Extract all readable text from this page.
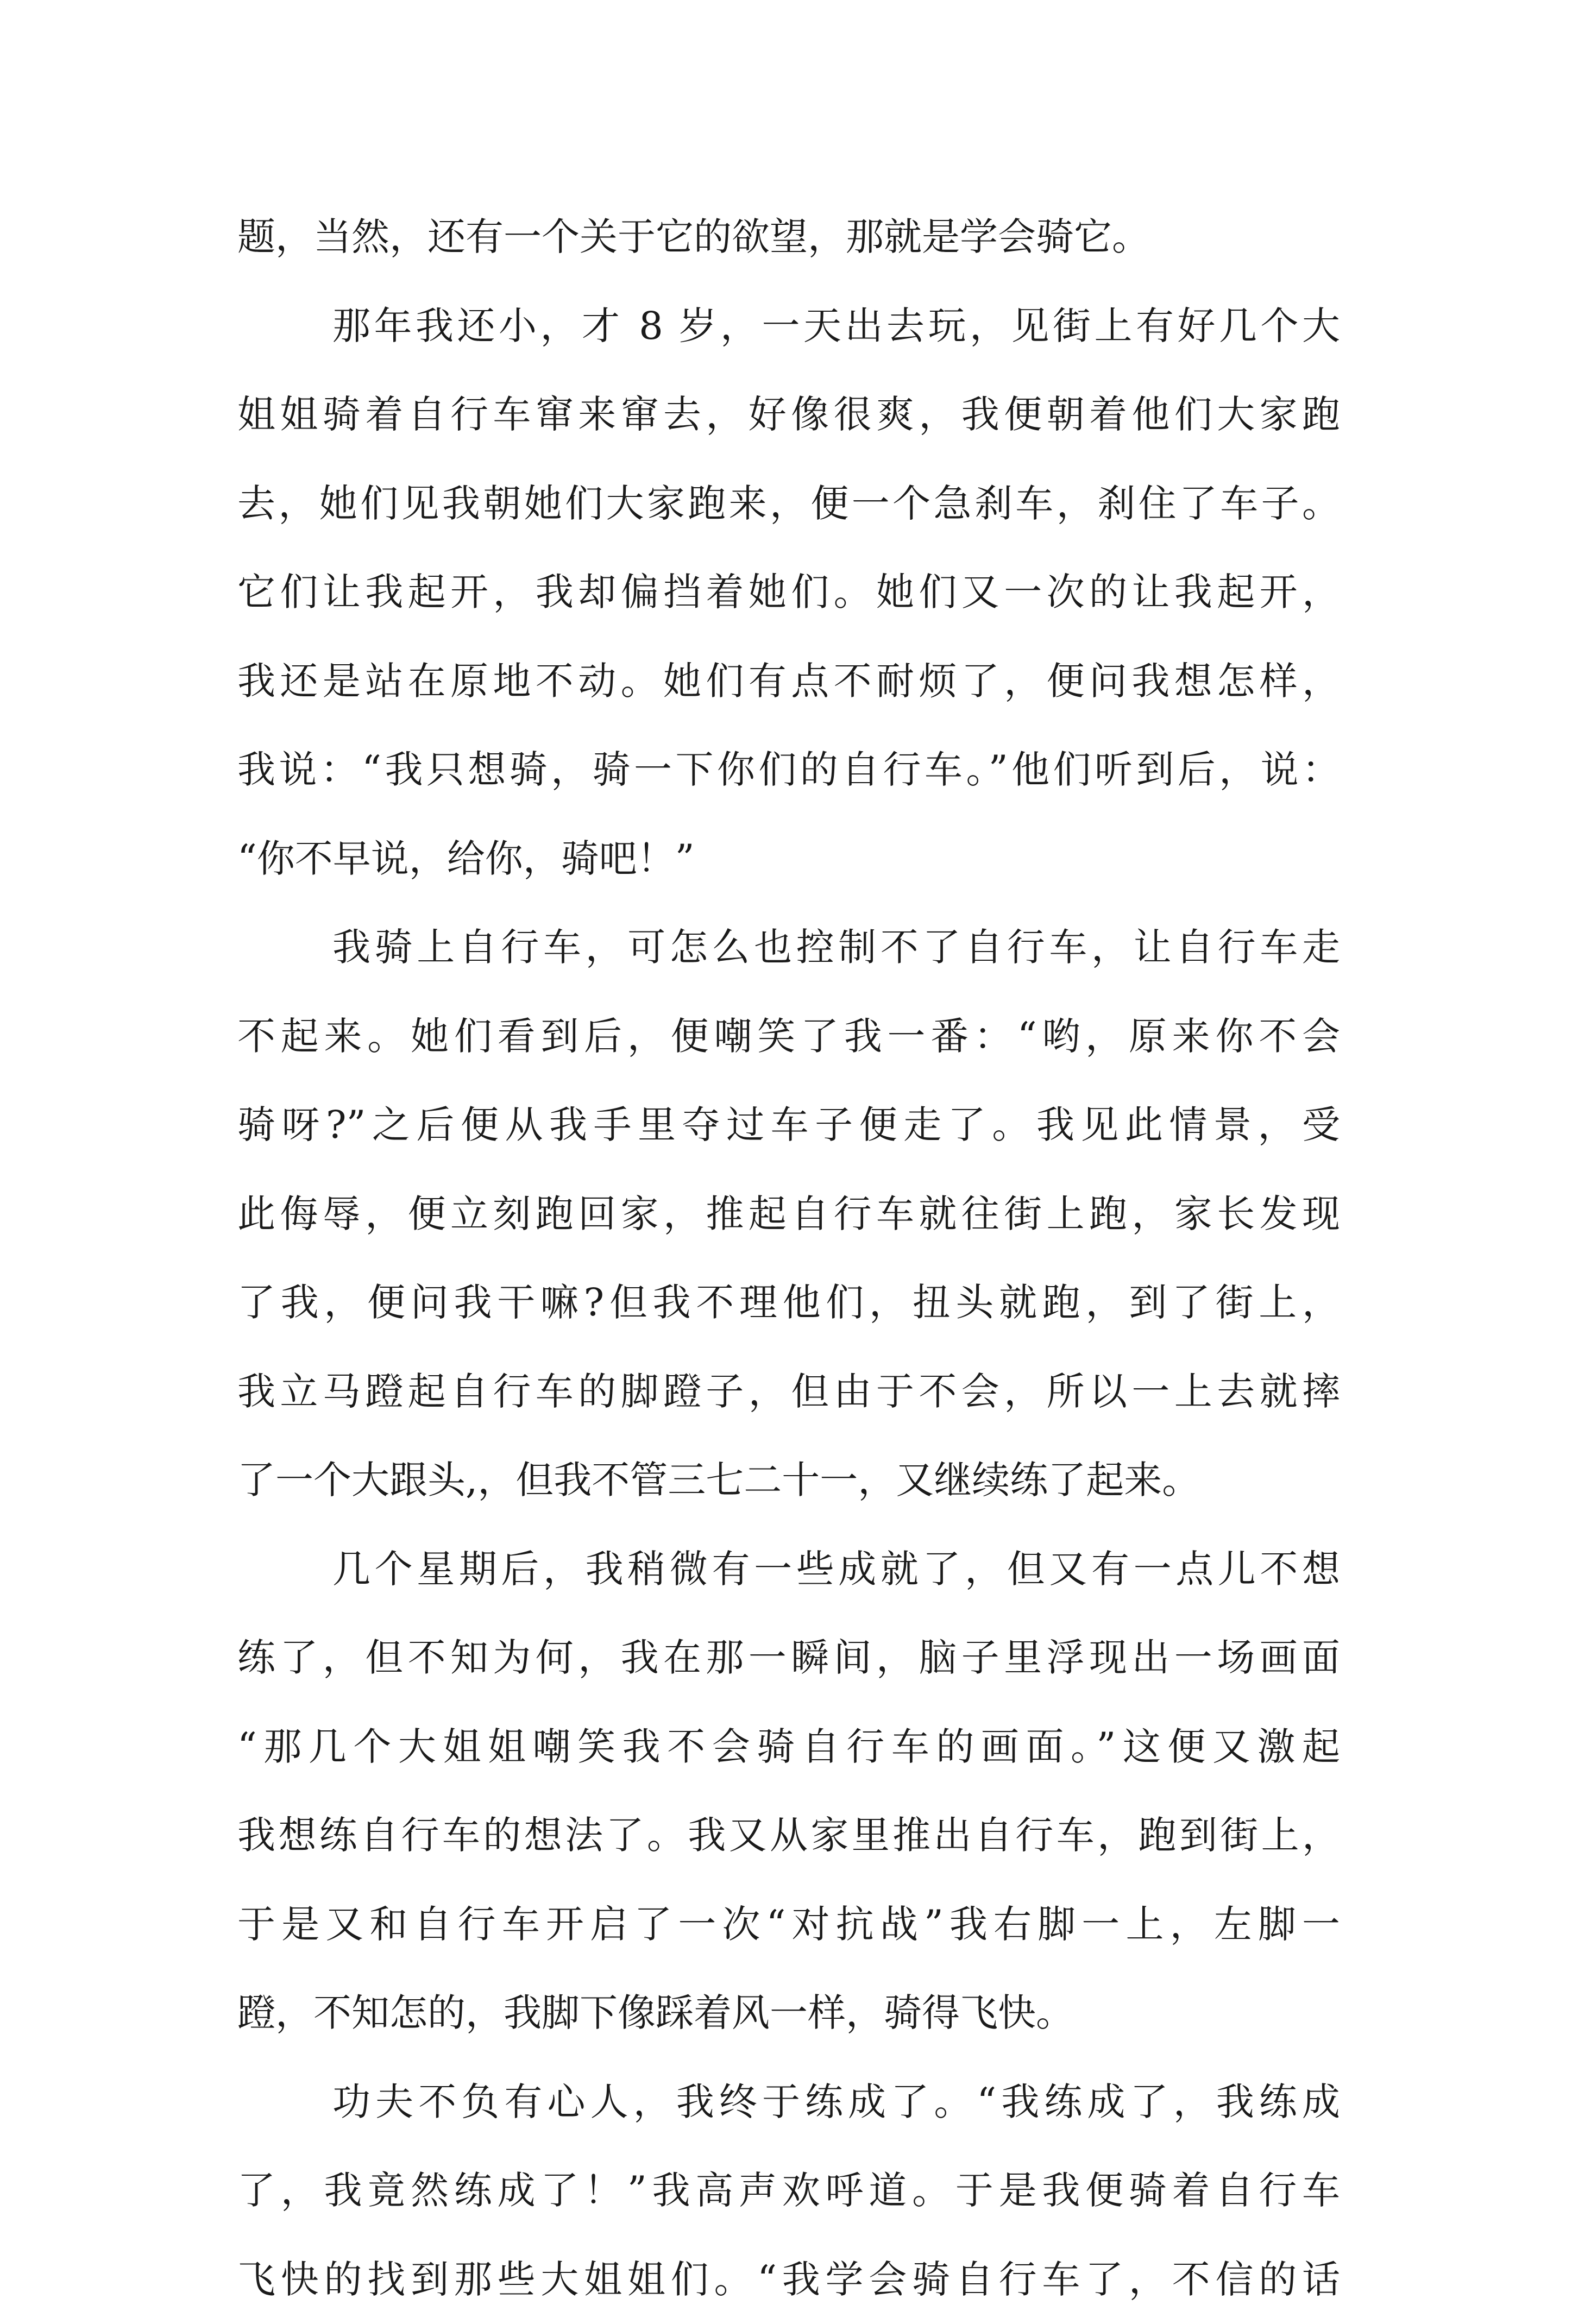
题，当然，还有一个关于它的欲望，那就是学会骑它。
那年我还小，才 8 岁，一天出去玩，见街上有好几个大
姐姐骑着自行车窜来窜去，好像很爽，我便朝着他们大家跑
去，她们见我朝她们大家跑来，便一个急刹车，刹住了车子。
它们让我起开，我却偏挡着她们。她们又一次的让我起开，
我还是站在原地不动。她们有点不耐烦了，便问我想怎样，
我说：“我只想骑，骑一下你们的自行车。”他们听到后，说：
“你不早说，给你，骑吧！”
我骑上自行车，可怎么也控制不了自行车，让自行车走
不起来。她们看到后，便嘲笑了我一番：“哟，原来你不会
骑呀?”之后便从我手里夺过车子便走了。我见此情景，受
此侮辱，便立刻跑回家，推起自行车就往街上跑，家长发现
了我，便问我干嘛?但我不理他们，扭头就跑，到了街上，
我立马蹬起自行车的脚蹬子，但由于不会，所以一上去就摔
了一个大跟头,，但我不管三七二十一，又继续练了起来。
几个星期后，我稍微有一些成就了，但又有一点儿不想
练了，但不知为何，我在那一瞬间，脑子里浮现出一场画面
“那几个大姐姐嘲笑我不会骑自行车的画面。”这便又激起
我想练自行车的想法了。我又从家里推出自行车，跑到街上，
于是又和自行车开启了一次“对抗战”我右脚一上，左脚一
蹬，不知怎的，我脚下像踩着风一样，骑得飞快。
功夫不负有心人，我终于练成了。“我练成了，我练成
了，我竟然练成了！”我高声欢呼道。于是我便骑着自行车
飞快的找到那些大姐姐们。“我学会骑自行车了，不信的话
